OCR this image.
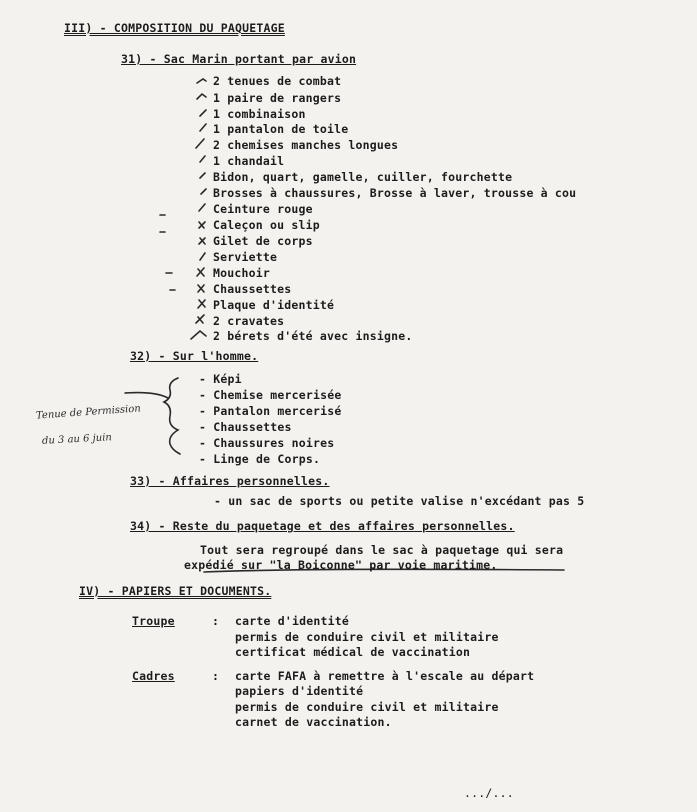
III) - COMPOSITION DU PAQUETAGE
31) - Sac Marin portant par avion
2 tenues de combat
1 paire de rangers
1 combinaison
1 pantalon de toile
2 chemises manches longues
1 chandail
Bidon, quart, gamelle, cuiller, fourchette
Brosses à chaussures, Brosse à laver, trousse à cou
Ceinture rouge
Caleçon ou slip
Gilet de corps
Serviette
Mouchoir
Chaussettes
Plaque d'identité
2 cravates
2 bérets d'été avec insigne.
32) - Sur l'homme.
- Képi
- Chemise mercerisée
- Pantalon mercerisé
- Chaussettes
- Chaussures noires
- Linge de Corps.
Tenue de Permission
du 3 au 6 juin
33) - Affaires personnelles.
- un sac de sports ou petite valise n'excédant pas 5
34) - Reste du paquetage et des affaires personnelles.
Tout sera regroupé dans le sac à paquetage qui sera
expédié sur "la Boiconne" par voie maritime.
IV) - PAPIERS ET DOCUMENTS.
Troupe	: carte d'identité
permis de conduire civil et militaire
certificat médical de vaccination
Cadres	: carte FAFA à remettre à l'escale au départ
papiers d'identité
permis de conduire civil et militaire
carnet de vaccination.
.../...
